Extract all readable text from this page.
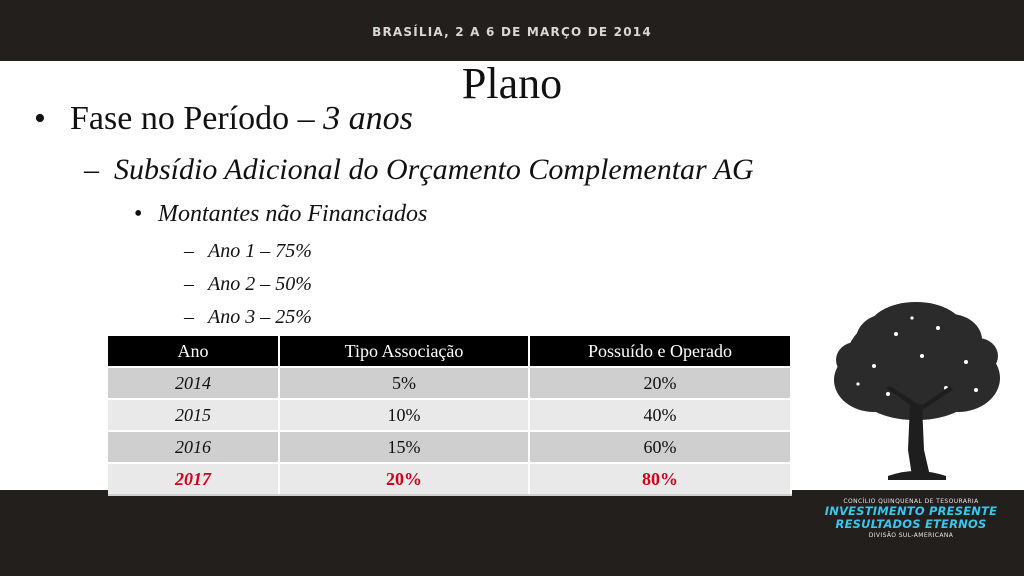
BRASÍLIA, 2 A 6 DE MARÇO DE 2014
Plano
• Fase no Período – 3 anos
– Subsídio Adicional do Orçamento Complementar AG
• Montantes não Financiados
– Ano 1 – 75%
– Ano 2 – 50%
– Ano 3 – 25%
Ano	Tipo Associação	Possuído e Operado
2014	5%	20%
2015	10%	40%
2016	15%	60%
2017	20%	80%
CONCÍLIO QUINQUENAL DE TESOURARIA
INVESTIMENTO PRESENTE
RESULTADOS ETERNOS
DIVISÃO SUL-AMERICANA
